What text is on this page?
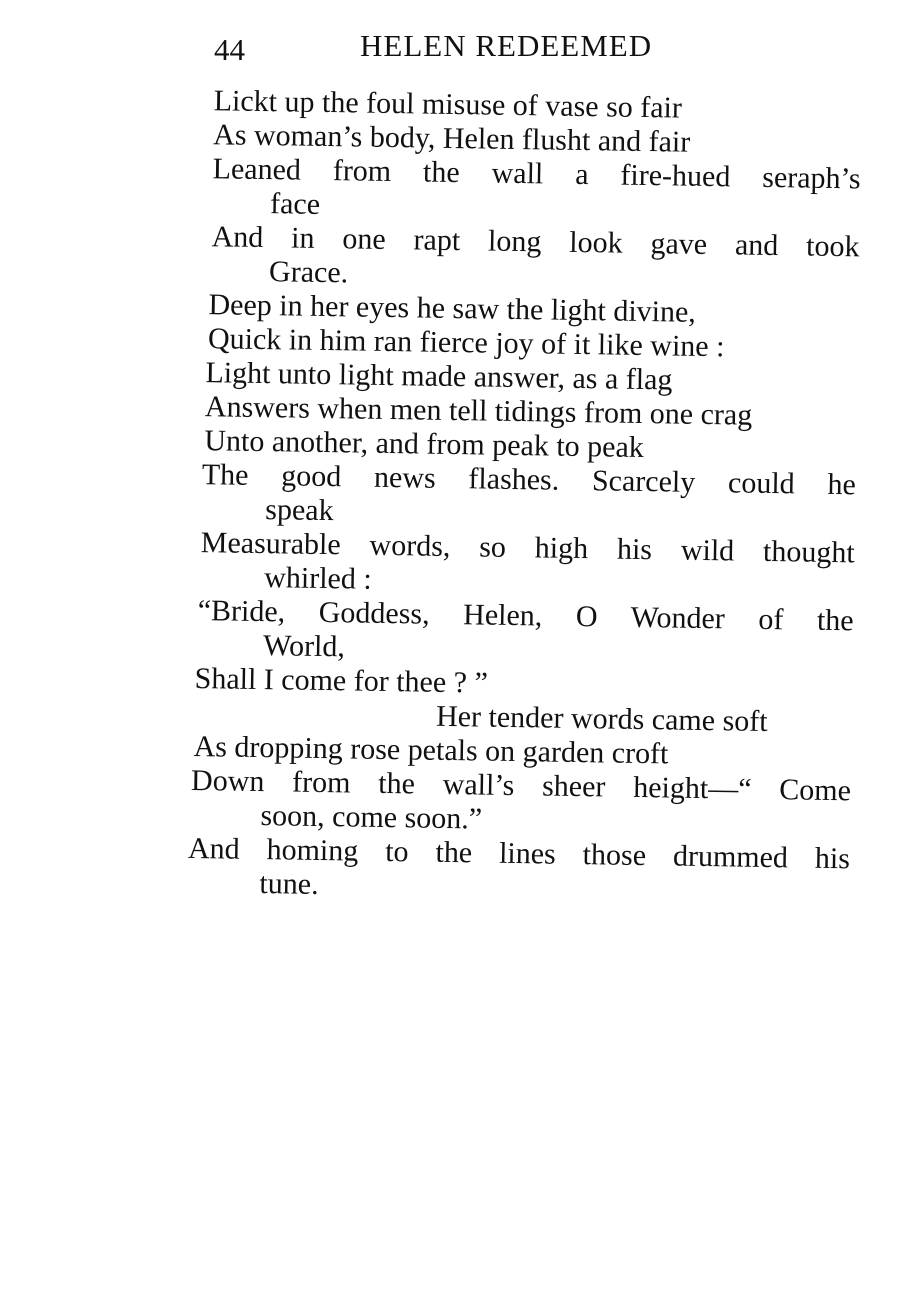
44	HELEN REDEEMED

Lickt up the foul misuse of vase so fair

As woman’s body, Helen flusht and fair

Leaned from the wall a fire-hued seraph’s

face

And in one rapt long look gave and took

Grace.

Deep in her eyes he saw the light divine,

Quick in him ran fierce joy of it like wine :

Light unto light made answer, as a flag

Answers when men tell tidings from one crag

Unto another, and from peak to peak

The good news flashes. Scarcely could he

speak

Measurable words, so high his wild thought

whirled :

“Bride, Goddess, Helen, O Wonder of the

World,

Shall I come for thee ? ”

Her tender words came soft

As dropping rose petals on garden croft

Down from the wall’s sheer height—“ Come

soon, come soon.”

And homing to the lines those drummed his

tune.
